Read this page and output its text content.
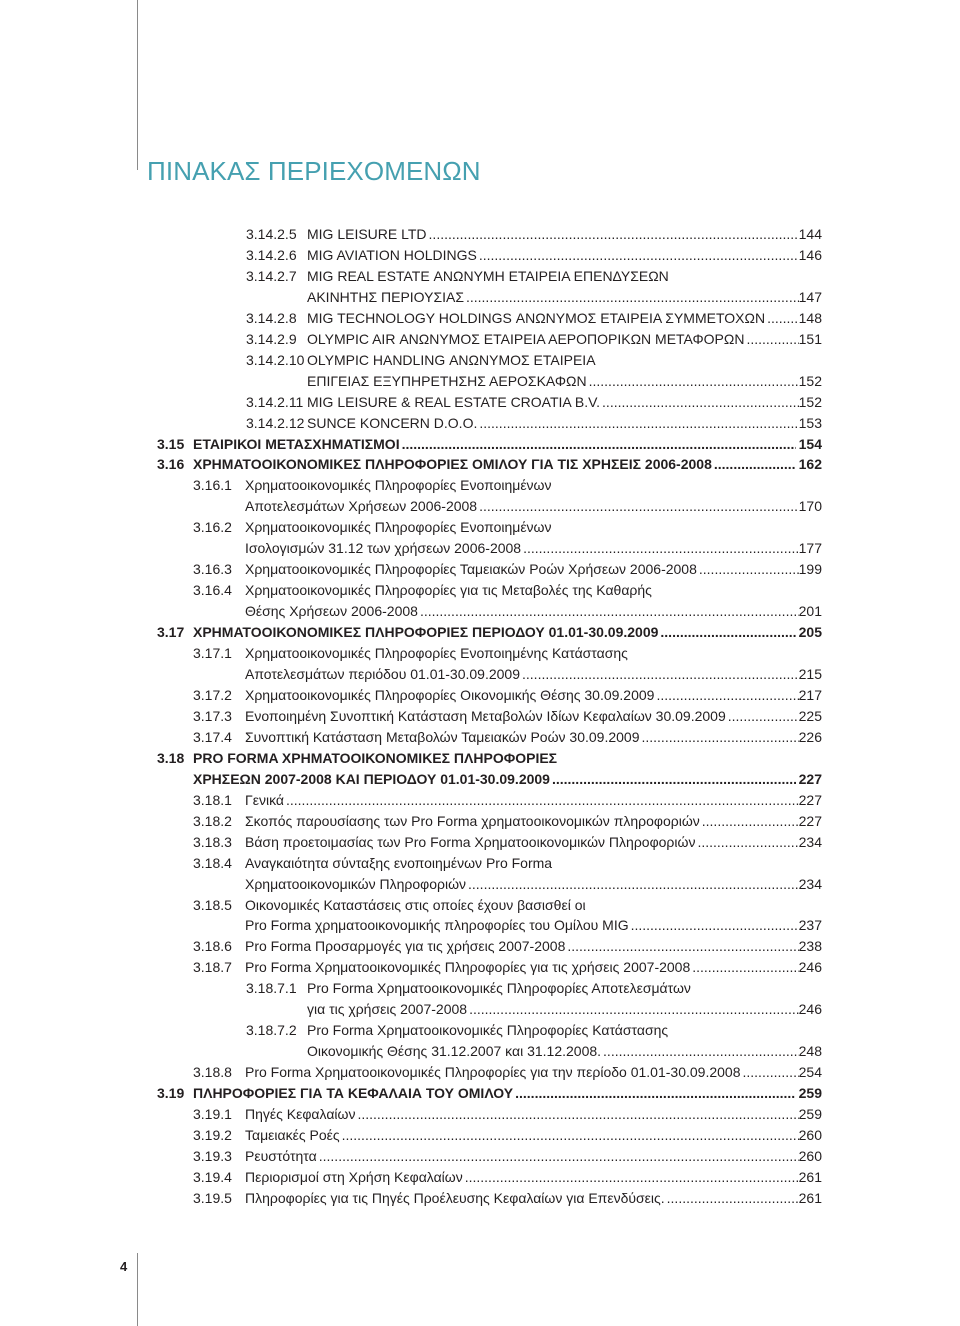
ΠΙΝΑΚΑΣ ΠΕΡΙΕΧΟΜΕΝΩΝ
3.14.2.5 MIG LEISURE LTD .....	144
3.14.2.6 MIG AVIATION HOLDINGS .....	146
3.14.2.7 MIG REAL ESTATE ΑΝΩΝΥΜΗ ΕΤΑΙΡΕΙΑ ΕΠΕΝΔΥΣΕΩΝ
ΑΚΙΝΗΤΗΣ ΠΕΡΙΟΥΣΙΑΣ .....	147
3.14.2.8 MIG TECHNOLOGY HOLDINGS ΑΝΩΝΥΜΟΣ ΕΤΑΙΡΕΙΑ ΣΥΜΜΕΤΟΧΩΝ ..... 148
3.14.2.9 OLYMPIC AIR ΑΝΩΝΥΜΟΣ ΕΤΑΙΡΕΙΑ ΑΕΡΟΠΟΡΙΚΩΝ ΜΕΤΑΦΟΡΩΝ .....	151
3.14.2.10 OLYMPIC HANDLING ΑΝΩΝΥΜΟΣ ΕΤΑΙΡΕΙΑ
ΕΠΙΓΕΙΑΣ ΕΞΥΠΗΡΕΤΗΣΗΣ ΑΕΡΟΣΚΑΦΩΝ .....	152
3.14.2.11 MIG LEISURE & REAL ESTATE CROATIA B.V. .....	152
3.14.2.12 SUNCE KONCERN D.O.O. .....	153
3.15 ΕΤΑΙΡΙΚΟΙ ΜΕΤΑΣΧΗΜΑΤΙΣΜΟΙ .....	154
3.16 ΧΡΗΜΑΤΟΟΙΚΟΝΟΜΙΚΕΣ ΠΛΗΡΟΦΟΡΙΕΣ ΟΜΙΛΟΥ ΓΙΑ ΤΙΣ ΧΡΗΣΕΙΣ 2006-2008 .....	162
3.16.1 Χρηματοοικονομικές Πληροφορίες Ενοποιημένων
Αποτελεσμάτων Χρήσεων 2006-2008 .....	170
3.16.2 Χρηματοοικονομικές Πληροφορίες Ενοποιημένων
Ισολογισμών 31.12 των χρήσεων 2006-2008 .....	177
3.16.3 Χρηματοοικονομικές Πληροφορίες Ταμειακών Ροών Χρήσεων 2006-2008 .....	199
3.16.4 Χρηματοοικονομικές Πληροφορίες για τις Μεταβολές της Καθαρής
Θέσης Χρήσεων 2006-2008 .....	201
3.17 ΧΡΗΜΑΤΟΟΙΚΟΝΟΜΙΚΕΣ ΠΛΗΡΟΦΟΡΙΕΣ ΠΕΡΙΟΔΟΥ 01.01-30.09.2009 .....	205
3.17.1 Χρηματοοικονομικές Πληροφορίες Ενοποιημένης Κατάστασης
Αποτελεσμάτων περιόδου 01.01-30.09.2009 .....	215
3.17.2 Χρηματοοικονομικές Πληροφορίες Οικονομικής Θέσης 30.09.2009 .....	217
3.17.3 Ενοποιημένη Συνοπτική Κατάσταση Μεταβολών Ιδίων Κεφαλαίων 30.09.2009 .....	225
3.17.4 Συνοπτική Κατάσταση Μεταβολών Ταμειακών Ροών 30.09.2009 .....	226
3.18 PRO FORMA ΧΡΗΜΑΤΟΟΙΚΟΝΟΜΙΚΕΣ ΠΛΗΡΟΦΟΡΙΕΣ
ΧΡΗΣΕΩΝ 2007-2008 ΚΑΙ ΠΕΡΙΟΔΟΥ 01.01-30.09.2009 .....	227
3.18.1 Γενικά .....	227
3.18.2 Σκοπός παρουσίασης των Pro Forma χρηματοοικονομικών πληροφοριών .....	227
3.18.3 Βάση προετοιμασίας των Pro Forma Χρηματοοικονομικών Πληροφοριών .....	234
3.18.4 Αναγκαιότητα σύνταξης ενοποιημένων Pro Forma
Χρηματοοικονομικών Πληροφοριών .....	234
3.18.5 Οικονομικές Καταστάσεις στις οποίες έχουν βασισθεί οι
Pro Forma χρηματοοικονομικής πληροφορίες του Ομίλου MIG .....	237
3.18.6 Pro Forma Προσαρμογές για τις χρήσεις 2007-2008 .....	238
3.18.7 Pro Forma Χρηματοοικονομικές Πληροφορίες για τις χρήσεις 2007-2008 .....	246
3.18.7.1 Pro Forma Χρηματοοικονομικές Πληροφορίες Αποτελεσμάτων
για τις χρήσεις 2007-2008 .....	246
3.18.7.2 Pro Forma Χρηματοοικονομικές Πληροφορίες Κατάστασης
Οικονομικής Θέσης 31.12.2007 και 31.12.2008. .....	248
3.18.8 Pro Forma Χρηματοοικονομικές Πληροφορίες για την περίοδο 01.01-30.09.2008 .....	254
3.19 ΠΛΗΡΟΦΟΡΙΕΣ ΓΙΑ ΤΑ ΚΕΦΑΛΑΙΑ ΤΟΥ ΟΜΙΛΟΥ .....	259
3.19.1 Πηγές Κεφαλαίων .....	259
3.19.2 Ταμειακές Ροές .....	260
3.19.3 Ρευστότητα .....	260
3.19.4 Περιορισμοί στη Χρήση Κεφαλαίων .....	261
3.19.5 Πληροφορίες για τις Πηγές Προέλευσης Κεφαλαίων για Επενδύσεις. .....	261
4
